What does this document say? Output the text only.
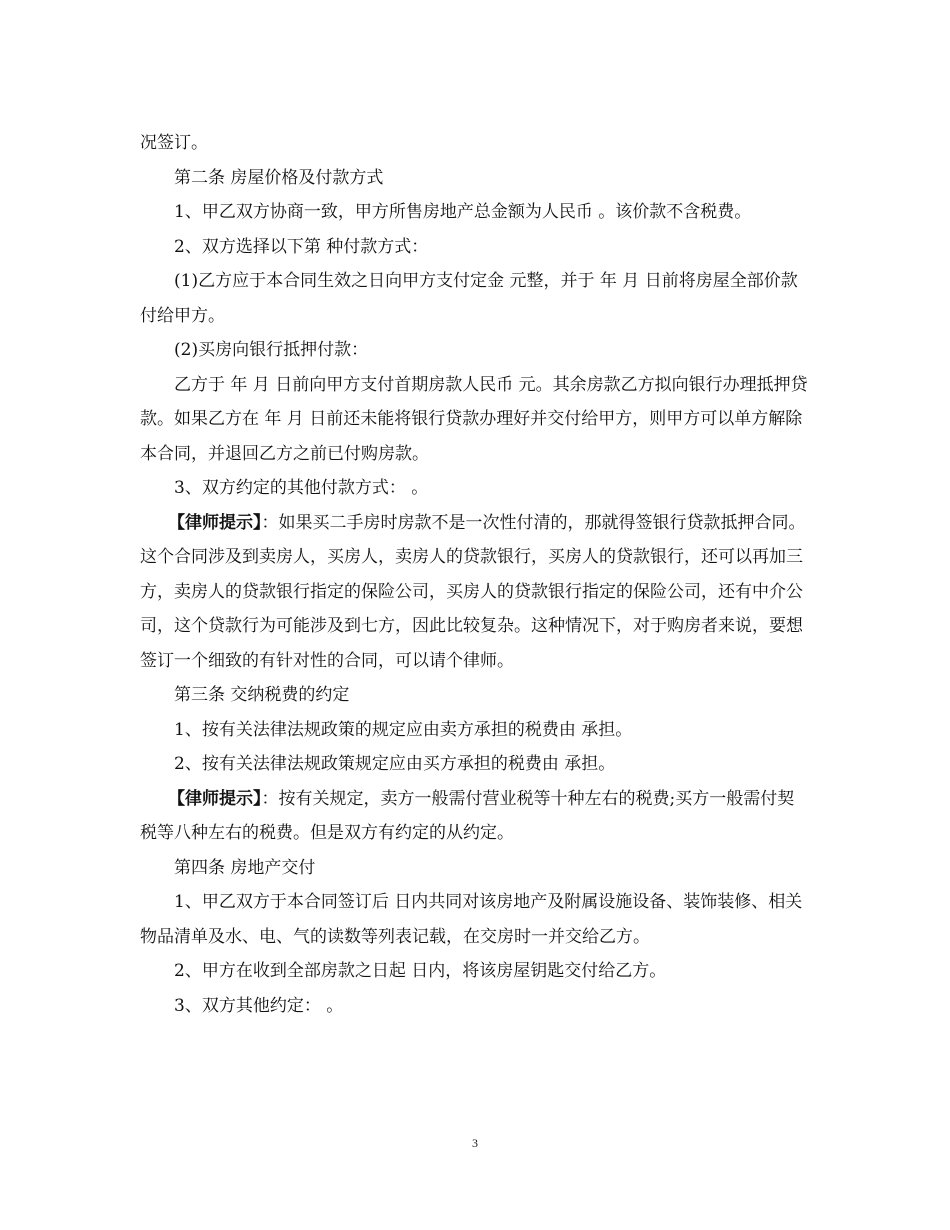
况签订。

第二条 房屋价格及付款方式

1、甲乙双方协商一致，甲方所售房地产总金额为人民币 。该价款不含税费。

2、双方选择以下第 种付款方式：

(1)乙方应于本合同生效之日向甲方支付定金 元整，并于 年 月 日前将房屋全部价款付给甲方。

(2)买房向银行抵押付款：

乙方于 年 月 日前向甲方支付首期房款人民币 元。其余房款乙方拟向银行办理抵押贷款。如果乙方在 年 月 日前还未能将银行贷款办理好并交付给甲方，则甲方可以单方解除本合同，并退回乙方之前已付购房款。

3、双方约定的其他付款方式： 。

【律师提示】：如果买二手房时房款不是一次性付清的，那就得签银行贷款抵押合同。这个合同涉及到卖房人，买房人，卖房人的贷款银行，买房人的贷款银行，还可以再加三方，卖房人的贷款银行指定的保险公司，买房人的贷款银行指定的保险公司，还有中介公司，这个贷款行为可能涉及到七方，因此比较复杂。这种情况下，对于购房者来说，要想签订一个细致的有针对性的合同，可以请个律师。

第三条 交纳税费的约定

1、按有关法律法规政策的规定应由卖方承担的税费由 承担。

2、按有关法律法规政策规定应由买方承担的税费由 承担。

【律师提示】：按有关规定，卖方一般需付营业税等十种左右的税费;买方一般需付契税等八种左右的税费。但是双方有约定的从约定。

第四条 房地产交付

1、甲乙双方于本合同签订后 日内共同对该房地产及附属设施设备、装饰装修、相关物品清单及水、电、气的读数等列表记载，在交房时一并交给乙方。

2、甲方在收到全部房款之日起 日内，将该房屋钥匙交付给乙方。

3、双方其他约定： 。

3
